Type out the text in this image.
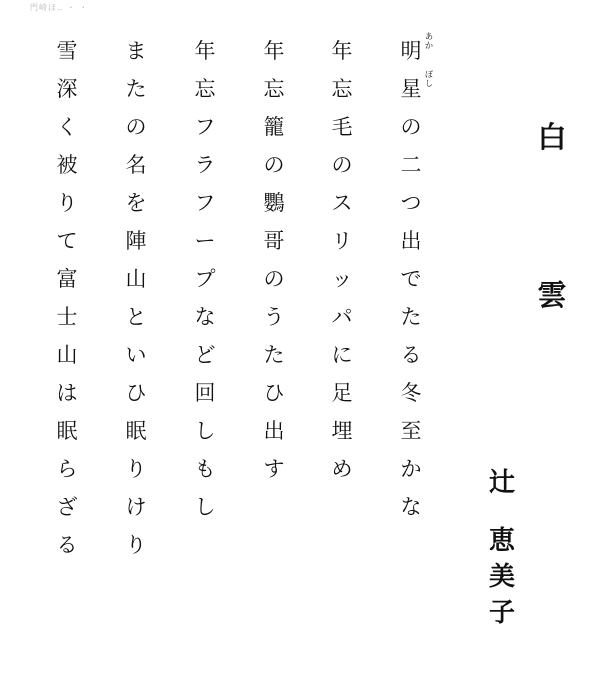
門崎ほ‥ ・ ・
白
雲
辻
恵
美
子
明
あ
か
星
ぼ
し
の
二
つ
出
で
た
る
冬
至
か
な
年
忘
毛
の
ス
リ
ッ
パ
に
足
埋
め
年
忘
籠
の
鸚
哥
の
う
た
ひ
出
す
年
忘
フ
ラ
フ
ー
プ
な
ど
回
し
も
し
ま
た
の
名
を
陣
山
と
い
ひ
眠
り
け
り
雪
深
く
被
り
て
富
士
山
は
眠
ら
ざ
る
